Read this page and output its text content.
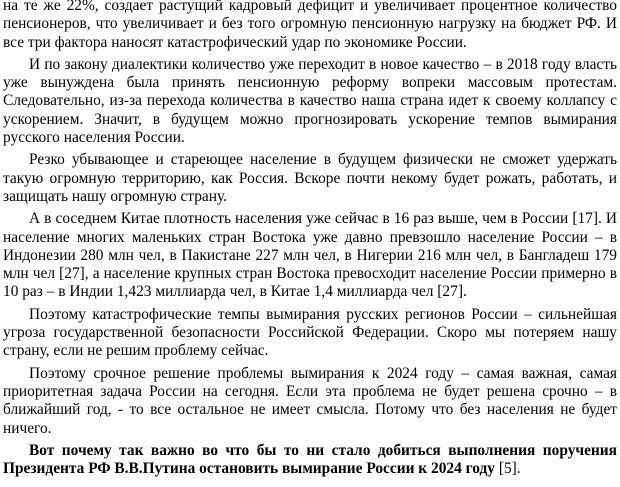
на те же 22%, создает растущий кадровый дефицит и увеличивает процентное количество пенсионеров, что увеличивает и без того огромную пенсионную нагрузку на бюджет РФ. И все три фактора наносят катастрофический удар по экономике России.

И по закону диалектики количество уже переходит в новое качество – в 2018 году власть уже вынуждена была принять пенсионную реформу вопреки массовым протестам. Следовательно, из-за перехода количества в качество наша страна идет к своему коллапсу с ускорением. Значит, в будущем можно прогнозировать ускорение темпов вымирания русского населения России.

Резко убывающее и стареющее население в будущем физически не сможет удержать такую огромную территорию, как Россия. Вскоре почти некому будет рожать, работать, и защищать нашу огромную страну.

А в соседнем Китае плотность населения уже сейчас в 16 раз выше, чем в России [17]. И население многих маленьких стран Востока уже давно превзошло население России – в Индонезии 280 млн чел, в Пакистане 227 млн чел, в Нигерии 216 млн чел, в Бангладеш 179 млн чел [27], а население крупных стран Востока превосходит население России примерно в 10 раз – в Индии 1,423 миллиарда чел, в Китае 1,4 миллиарда чел [27].

Поэтому катастрофические темпы вымирания русских регионов России – сильнейшая угроза государственной безопасности Российской Федерации. Скоро мы потеряем нашу страну, если не решим проблему сейчас.

Поэтому срочное решение проблемы вымирания к 2024 году – самая важная, самая приоритетная задача России на сегодня. Если эта проблема не будет решена срочно – в ближайший год, - то все остальное не имеет смысла. Потому что без населения не будет ничего.

Вот почему так важно во что бы то ни стало добиться выполнения поручения Президента РФ В.В.Путина остановить вымирание России к 2024 году [5].
